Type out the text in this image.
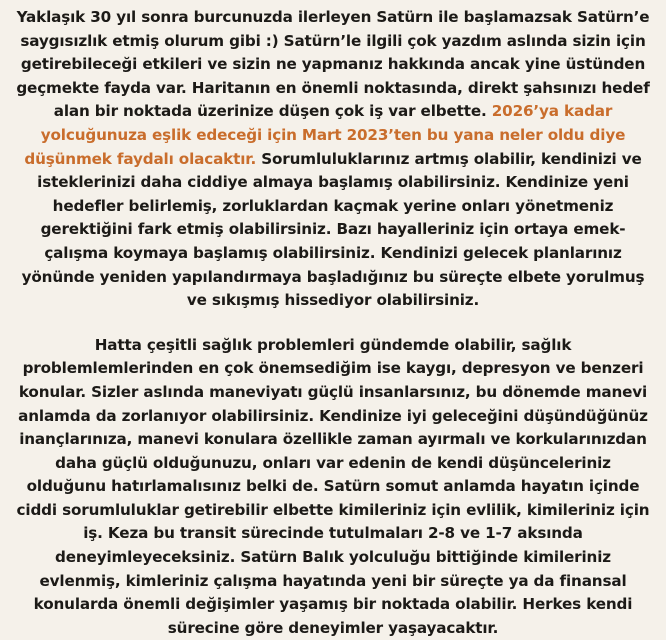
Yaklaşık 30 yıl sonra burcunuzda ilerleyen Satürn ile başlamazsak Satürn’e saygısızlık etmiş olurum gibi :) Satürn’le ilgili çok yazdım aslında sizin için getirebileceği etkileri ve sizin ne yapmanız hakkında ancak yine üstünden geçmekte fayda var. Haritanın en önemli noktasında, direkt şahsınızı hedef alan bir noktada üzerinize düşen çok iş var elbette. 2026’ya kadar yolcuğunuza eşlik edeceği için Mart 2023’ten bu yana neler oldu diye düşünmek faydalı olacaktır. Sorumluluklarınız artmış olabilir, kendinizi ve isteklerinizi daha ciddiye almaya başlamış olabilirsiniz. Kendinize yeni hedefler belirlemiş, zorluklardan kaçmak yerine onları yönetmeniz gerektiğini fark etmiş olabilirsiniz. Bazı hayalleriniz için ortaya emek-çalışma koymaya başlamış olabilirsiniz. Kendinizi gelecek planlarınız yönünde yeniden yapılandırmaya başladığınız bu süreçte elbete yorulmuş ve sıkışmış hissediyor olabilirsiniz.

Hatta çeşitli sağlık problemleri gündemde olabilir, sağlık problemlemlerinden en çok önemsediğim ise kaygı, depresyon ve benzeri konular. Sizler aslında maneviyatı güçlü insanlarsınız, bu dönemde manevi anlamda da zorlanıyor olabilirsiniz. Kendinize iyi geleceğini düşündüğünüz inançlarınıza, manevi konulara özellikle zaman ayırmalı ve korkularınızdan daha güçlü olduğunuzu, onları var edenin de kendi düşünceleriniz olduğunu hatırlamalısınız belki de. Satürn somut anlamda hayatın içinde ciddi sorumluluklar getirebilir elbette kimileriniz için evlilik, kimileriniz için iş. Keza bu transit sürecinde tutulmaları 2-8 ve 1-7 aksında deneyimleyeceksiniz. Satürn Balık yolculuğu bittiğinde kimileriniz evlenmiş, kimleriniz çalışma hayatında yeni bir süreçte ya da finansal konularda önemli değişimler yaşamış bir noktada olabilir. Herkes kendi sürecine göre deneyimler yaşayacaktır.
